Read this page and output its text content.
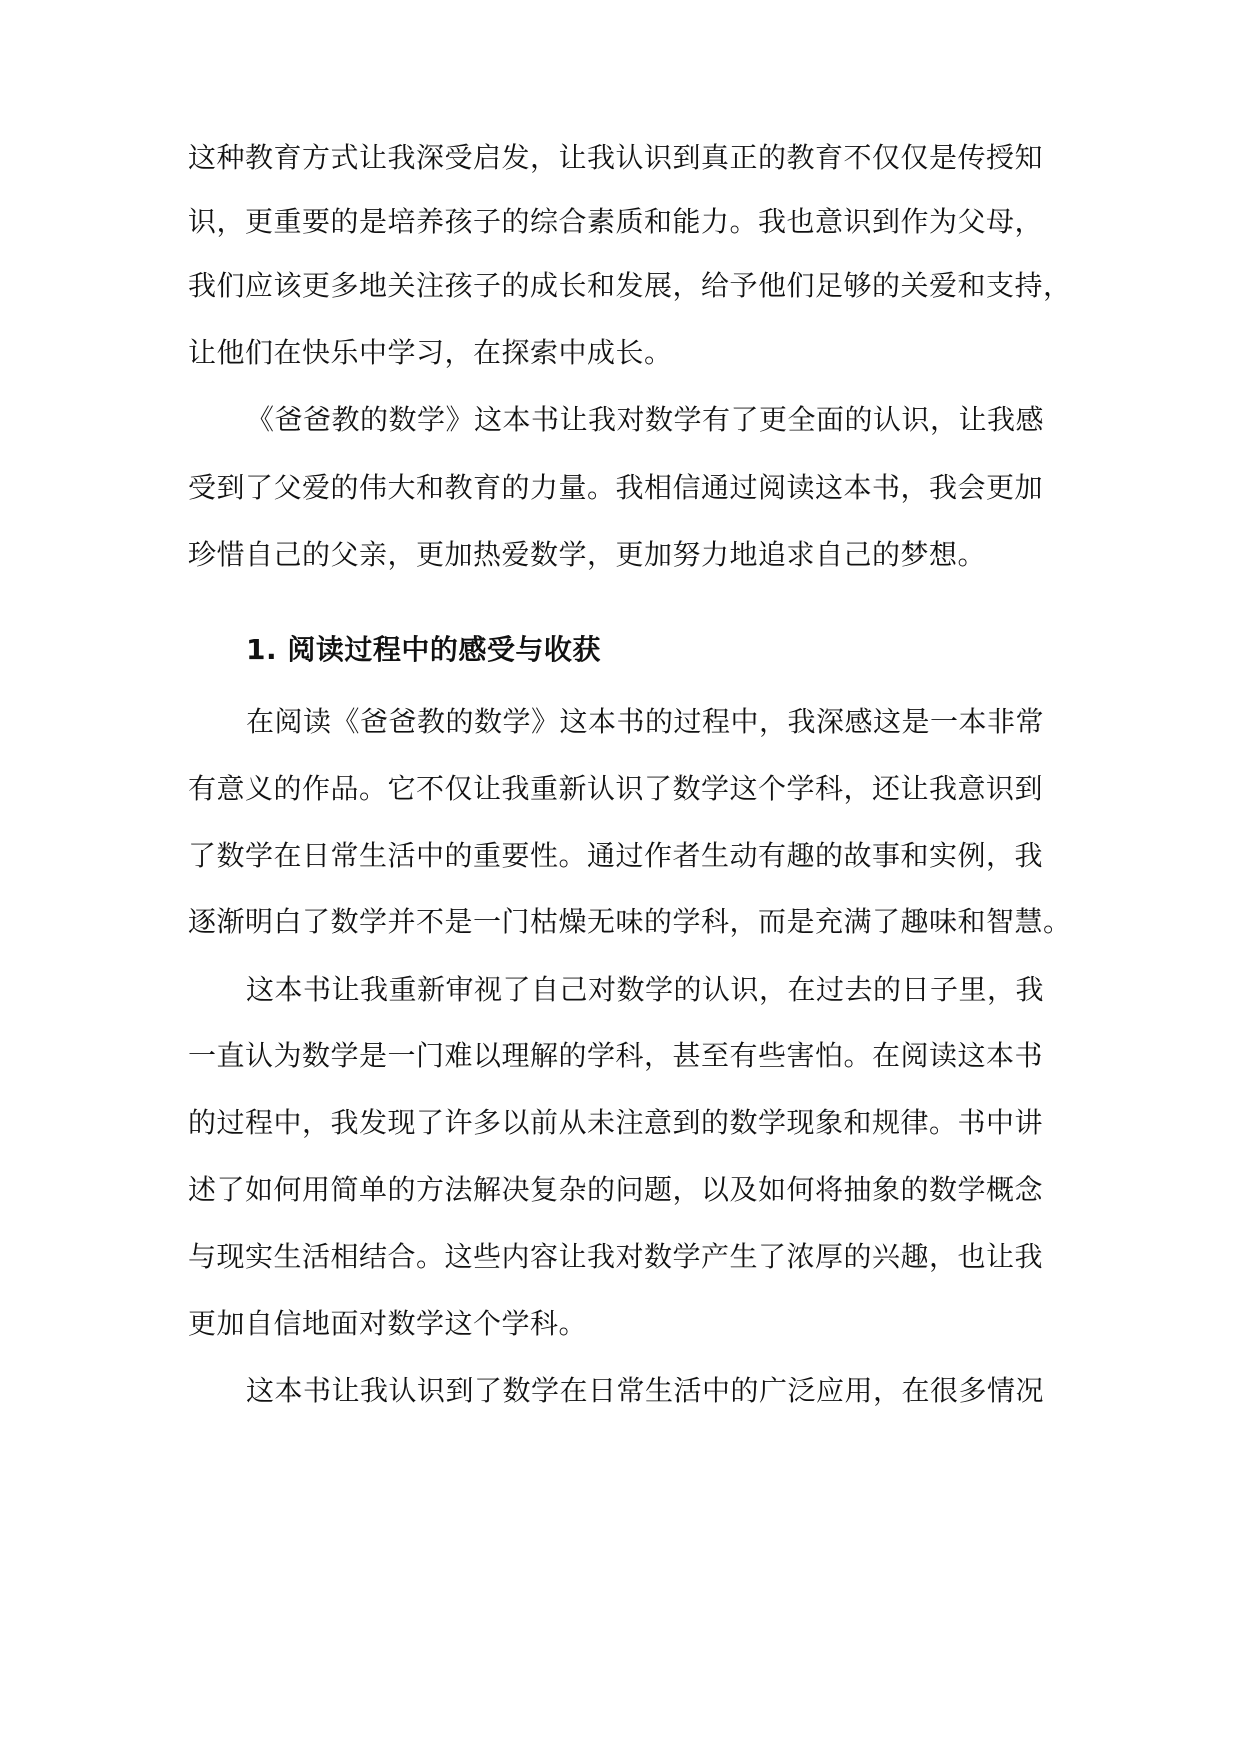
这种教育方式让我深受启发，让我认识到真正的教育不仅仅是传授知
识，更重要的是培养孩子的综合素质和能力。我也意识到作为父母，
我们应该更多地关注孩子的成长和发展，给予他们足够的关爱和支持，
让他们在快乐中学习，在探索中成长。
《爸爸教的数学》这本书让我对数学有了更全面的认识，让我感
受到了父爱的伟大和教育的力量。我相信通过阅读这本书，我会更加
珍惜自己的父亲，更加热爱数学，更加努力地追求自己的梦想。
1. 阅读过程中的感受与收获
在阅读《爸爸教的数学》这本书的过程中，我深感这是一本非常
有意义的作品。它不仅让我重新认识了数学这个学科，还让我意识到
了数学在日常生活中的重要性。通过作者生动有趣的故事和实例，我
逐渐明白了数学并不是一门枯燥无味的学科，而是充满了趣味和智慧。
这本书让我重新审视了自己对数学的认识，在过去的日子里，我
一直认为数学是一门难以理解的学科，甚至有些害怕。在阅读这本书
的过程中，我发现了许多以前从未注意到的数学现象和规律。书中讲
述了如何用简单的方法解决复杂的问题，以及如何将抽象的数学概念
与现实生活相结合。这些内容让我对数学产生了浓厚的兴趣，也让我
更加自信地面对数学这个学科。
这本书让我认识到了数学在日常生活中的广泛应用，在很多情况
